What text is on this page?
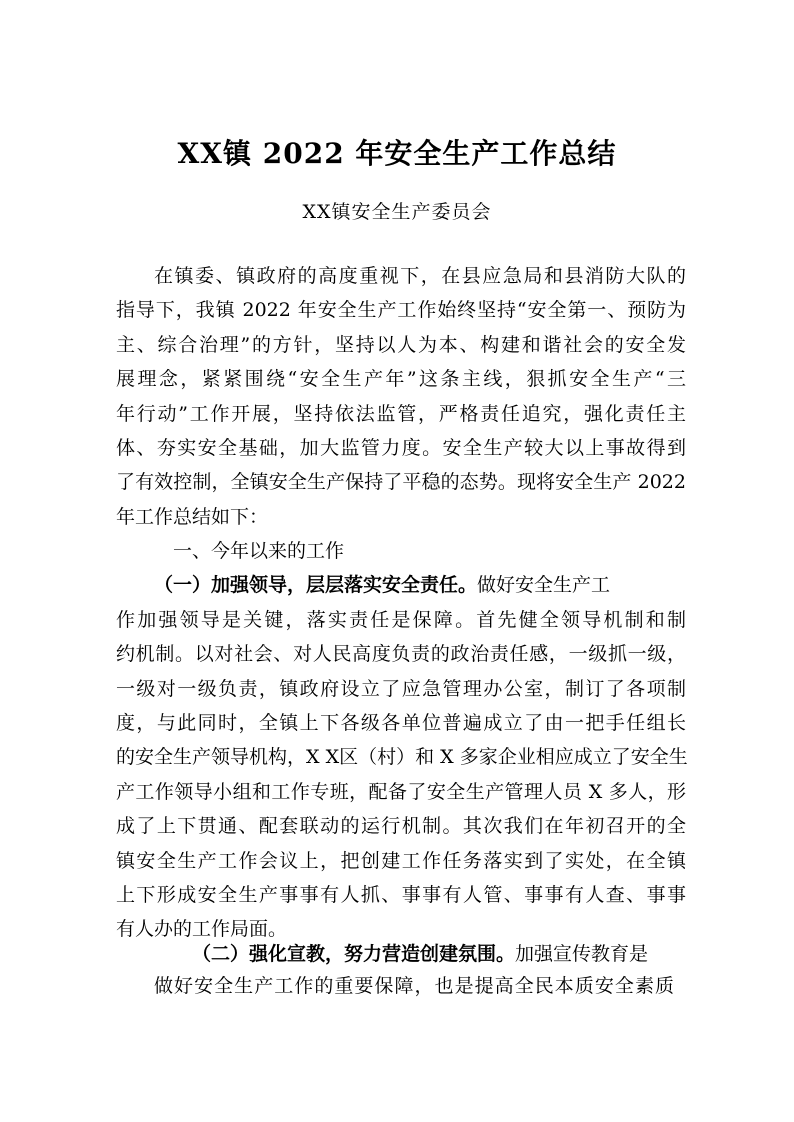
XX镇 2022 年安全生产工作总结
XX镇安全生产委员会
在镇委、镇政府的高度重视下，在县应急局和县消防大队的
指导下，我镇 2022 年安全生产工作始终坚持“安全第一、预防为
主、综合治理”的方针，坚持以人为本、构建和谐社会的安全发
展理念，紧紧围绕“安全生产年”这条主线，狠抓安全生产“三
年行动”工作开展，坚持依法监管，严格责任追究，强化责任主
体、夯实安全基础，加大监管力度。安全生产较大以上事故得到
了有效控制，全镇安全生产保持了平稳的态势。现将安全生产 2022
年工作总结如下：
一、今年以来的工作
（一）加强领导，层层落实安全责任。做好安全生产工
作加强领导是关键，落实责任是保障。首先健全领导机制和制
约机制。以对社会、对人民高度负责的政治责任感，一级抓一级，
一级对一级负责，镇政府设立了应急管理办公室，制订了各项制
度，与此同时，全镇上下各级各单位普遍成立了由一把手任组长
的安全生产领导机构，X X区（村）和 X 多家企业相应成立了安全生
产工作领导小组和工作专班，配备了安全生产管理人员 X 多人，形
成了上下贯通、配套联动的运行机制。其次我们在年初召开的全
镇安全生产工作会议上，把创建工作任务落实到了实处，在全镇
上下形成安全生产事事有人抓、事事有人管、事事有人查、事事
有人办的工作局面。
（二）强化宣教，努力营造创建氛围。加强宣传教育是
做好安全生产工作的重要保障，也是提高全民本质安全素质
